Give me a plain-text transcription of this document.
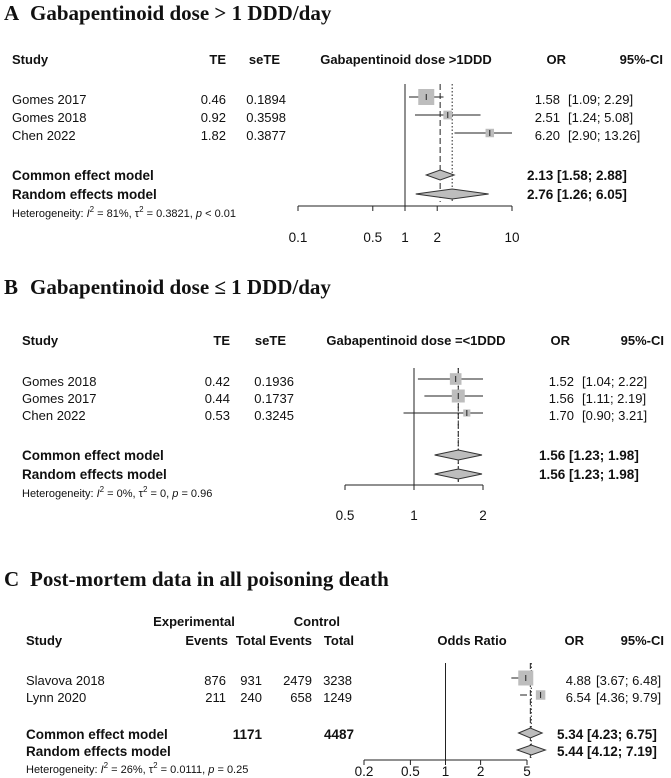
A Gabapentinoid dose > 1 DDD/day
Study	TE seTE	Gabapentinoid dose >1DDD	OR	95%-CI
Gomes 2017	0.46 0.1894	1.58 [1.09; 2.29]
Gomes 2018	0.92 0.3598	2.51 [1.24; 5.08]
Chen 2022	1.82 0.3877	6.20 [2.90; 13.26]
Common effect model	2.13 [1.58; 2.88]
Random effects model	2.76 [1.26; 6.05]
Heterogeneity: $I^2 = 81\%$, $\tau^2 = 0.3821$, p < 0.01
0.1	0.5 1 2	10
B Gabapentinoid dose ≤ 1 DDD/day
Study	TE seTE	Gabapentinoid dose =<1DDD	OR	95%-CI
Gomes 2018	0.42 0.1936	1.52 [1.04; 2.22]
Gomes 2017	0.44 0.1737	1.56 [1.11; 2.19]
Chen 2022	0.53 0.3245	1.70 [0.90; 3.21]
Common effect model	1.56 [1.23; 1.98]
Random effects model	1.56 [1.23; 1.98]
Heterogeneity: $I^2 = 0\%$, $\tau^2 = 0$, p = 0.96
0.5	1	2
C Post-mortem data in all poisoning death
Experimental	Control
Study	Events Total Events Total	Odds Ratio	OR	95%-CI
Slavova 2018	876 931 2479 3238	4.88 [3.67; 6.48]
Lynn 2020	211 240 658 1249	6.54 [4.36; 9.79]
Common effect model	1171	4487	5.34 [4.23; 6.75]
Random effects model	5.44 [4.12; 7.19]
Heterogeneity: $I^2 = 26\%$, $\tau^2 = 0.0111$, p = 0.25	0.2 0.5 1 2	5
